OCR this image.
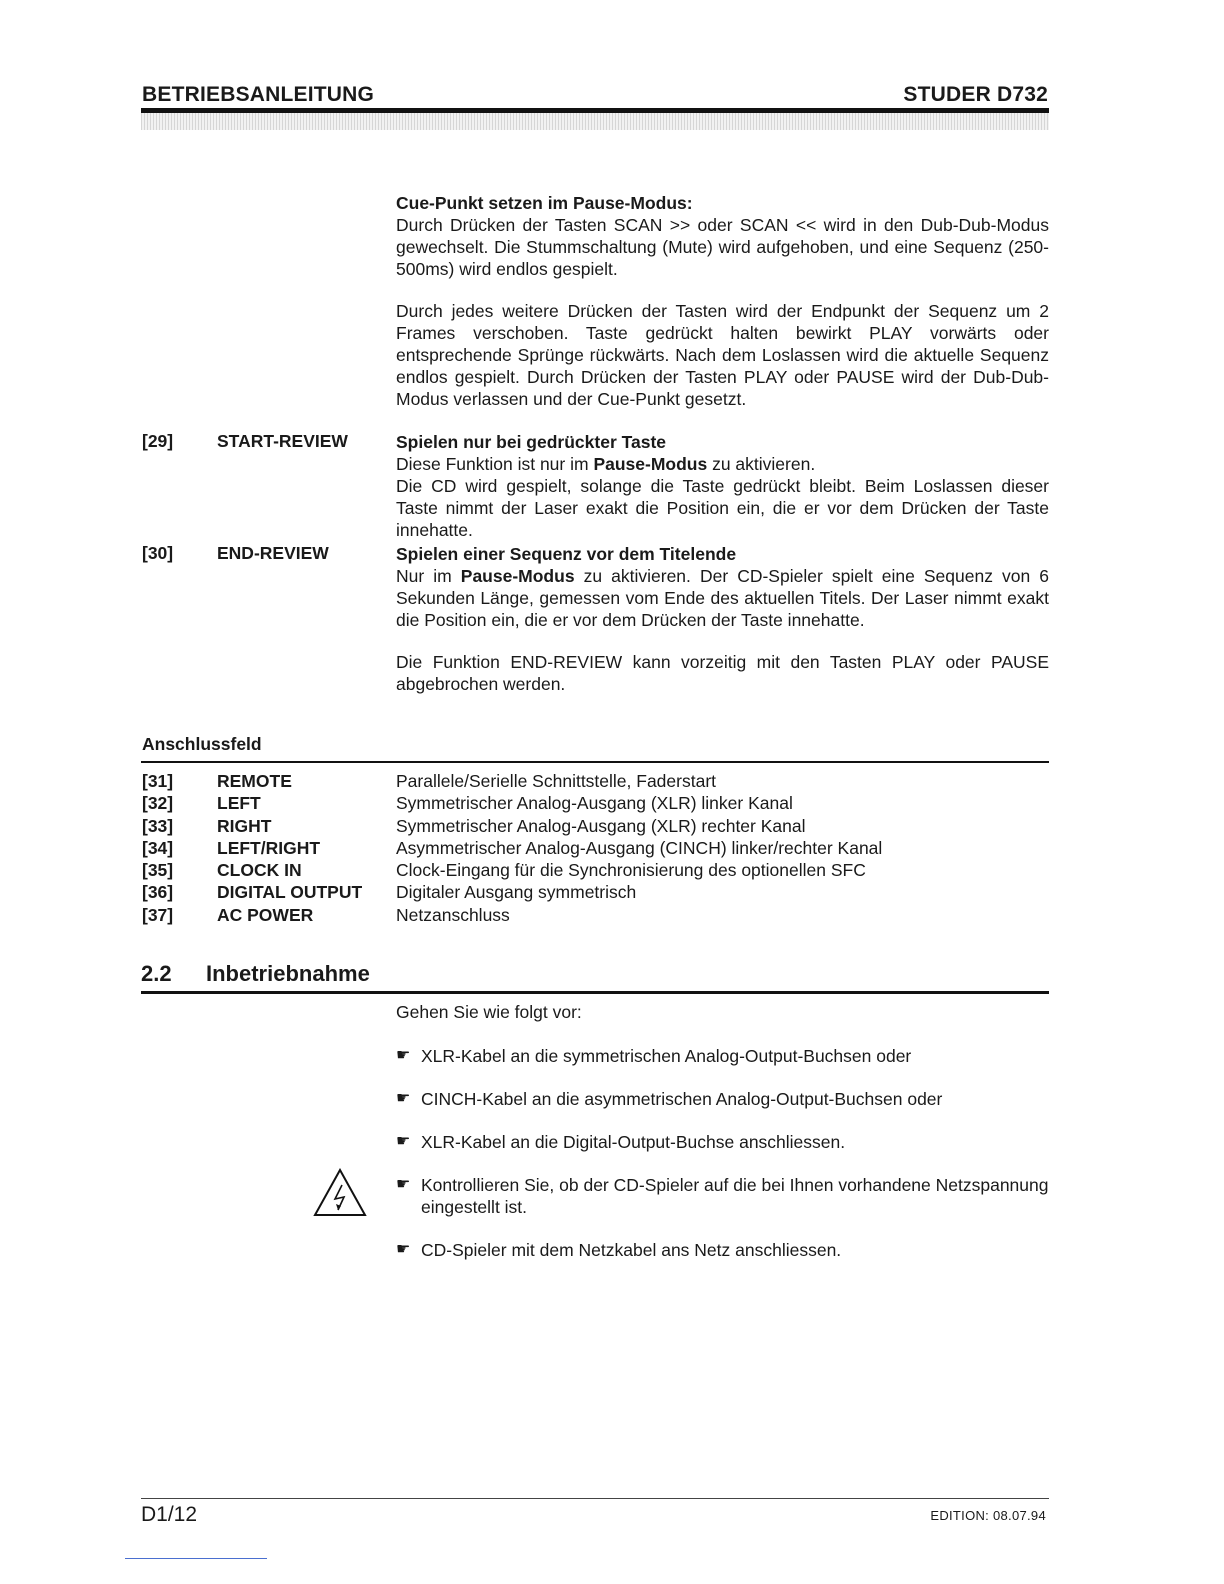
BETRIEBSANLEITUNG	STUDER D732
Cue-Punkt setzen im Pause-Modus:
Durch Drücken der Tasten SCAN >> oder SCAN << wird in den Dub-Dub-Modus gewechselt. Die Stummschaltung (Mute) wird aufgehoben, und eine Sequenz (250-500ms) wird endlos gespielt.
Durch jedes weitere Drücken der Tasten wird der Endpunkt der Sequenz um 2 Frames verschoben. Taste gedrückt halten bewirkt PLAY vorwärts oder entsprechende Sprünge rückwärts. Nach dem Loslassen wird die aktuelle Sequenz endlos gespielt. Durch Drücken der Tasten PLAY oder PAUSE wird der Dub-Dub-Modus verlassen und der Cue-Punkt gesetzt.
[29]	START-REVIEW	Spielen nur bei gedrückter Taste
Diese Funktion ist nur im Pause-Modus zu aktivieren.
Die CD wird gespielt, solange die Taste gedrückt bleibt. Beim Loslassen dieser Taste nimmt der Laser exakt die Position ein, die er vor dem Drücken der Taste innehatte.
[30]	END-REVIEW	Spielen einer Sequenz vor dem Titelende
Nur im Pause-Modus zu aktivieren. Der CD-Spieler spielt eine Sequenz von 6 Sekunden Länge, gemessen vom Ende des aktuellen Titels. Der Laser nimmt exakt die Position ein, die er vor dem Drücken der Taste innehatte.
Die Funktion END-REVIEW kann vorzeitig mit den Tasten PLAY oder PAUSE abgebrochen werden.
Anschlussfeld
[31]	REMOTE	Parallele/Serielle Schnittstelle, Faderstart
[32]	LEFT	Symmetrischer Analog-Ausgang (XLR) linker Kanal
[33]	RIGHT	Symmetrischer Analog-Ausgang (XLR) rechter Kanal
[34]	LEFT/RIGHT	Asymmetrischer Analog-Ausgang (CINCH) linker/rechter Kanal
[35]	CLOCK IN	Clock-Eingang für die Synchronisierung des optionellen SFC
[36]	DIGITAL OUTPUT	Digitaler Ausgang symmetrisch
[37]	AC POWER	Netzanschluss
2.2 Inbetriebnahme
Gehen Sie wie folgt vor:
☛ XLR-Kabel an die symmetrischen Analog-Output-Buchsen oder
☛ CINCH-Kabel an die asymmetrischen Analog-Output-Buchsen oder
☛ XLR-Kabel an die Digital-Output-Buchse anschliessen.
☛ Kontrollieren Sie, ob der CD-Spieler auf die bei Ihnen vorhandene Netzspannung eingestellt ist.
☛ CD-Spieler mit dem Netzkabel ans Netz anschliessen.
D1/12	EDITION: 08.07.94
